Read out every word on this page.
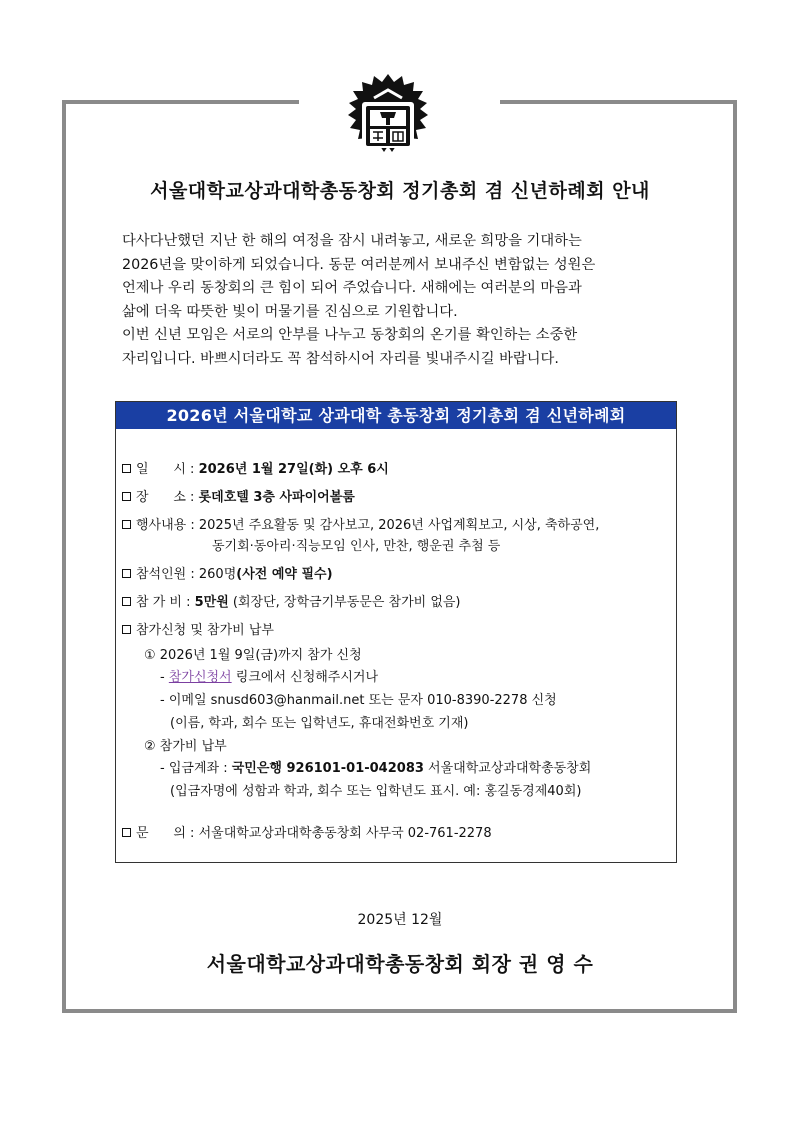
서울대학교상과대학총동창회 정기총회 겸 신년하례회 안내

다사다난했던 지난 한 해의 여정을 잠시 내려놓고, 새로운 희망을 기대하는

2026년을 맞이하게 되었습니다. 동문 여러분께서 보내주신 변함없는 성원은

언제나 우리 동창회의 큰 힘이 되어 주었습니다. 새해에는 여러분의 마음과

삶에 더욱 따뜻한 빛이 머물기를 진심으로 기원합니다.

이번 신년 모임은 서로의 안부를 나누고 동창회의 온기를 확인하는 소중한

자리입니다. 바쁘시더라도 꼭 참석하시어 자리를 빛내주시길 바랍니다.

2026년 서울대학교 상과대학 총동창회 정기총회 겸 신년하례회
일      시 : 2026년 1월 27일(화) 오후 6시
장      소 : 롯데호텔 3층 사파이어볼룸
행사내용 : 2025년 주요활동 및 감사보고, 2026년 사업계획보고, 시상, 축하공연,
동기회·동아리·직능모임 인사, 만찬, 행운권 추첨 등
참석인원 : 260명(사전 예약 필수)
참 가 비 : 5만원 (회장단, 장학금기부동문은 참가비 없음)
참가신청 및 참가비 납부
① 2026년 1월 9일(금)까지 참가 신청
- 참가신청서 링크에서 신청해주시거나
- 이메일 snusd603@hanmail.net 또는 문자 010-8390-2278 신청
(이름, 학과, 회수 또는 입학년도, 휴대전화번호 기재)
② 참가비 납부
- 입금계좌 : 국민은행 926101-01-042083 서울대학교상과대학총동창회
(입금자명에 성함과 학과, 회수 또는 입학년도 표시. 예: 홍길동경제40회)
문      의 : 서울대학교상과대학총동창회 사무국 02-761-2278
2025년 12월
서울대학교상과대학총동창회 회장 권 영 수
